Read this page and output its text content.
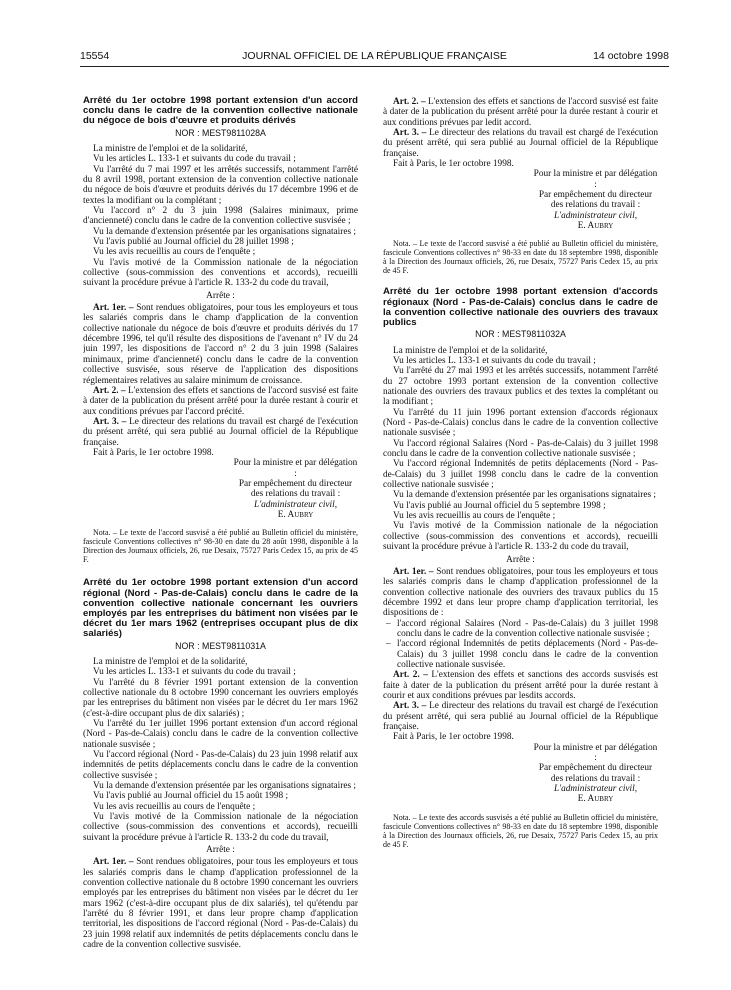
15554	JOURNAL OFFICIEL DE LA RÉPUBLIQUE FRANÇAISE	14 octobre 1998
Arrêté du 1er octobre 1998 portant extension d'un accord conclu dans le cadre de la convention collective nationale du négoce de bois d'œuvre et produits dérivés
NOR : MEST9811028A

La ministre de l'emploi et de la solidarité,

Vu les articles L. 133-1 et suivants du code du travail ;

Vu l'arrêté du 7 mai 1997 et les arrêtés successifs, notamment l'arrêté du 8 avril 1998, portant extension de la convention collective nationale du négoce de bois d'œuvre et produits dérivés du 17 décembre 1996 et de textes la modifiant ou la complétant ;

Vu l'accord n° 2 du 3 juin 1998 (Salaires minimaux, prime d'ancienneté) conclu dans le cadre de la convention collective susvisée ;

Vu la demande d'extension présentée par les organisations signataires ;

Vu l'avis publié au Journal officiel du 28 juillet 1998 ;

Vu les avis recueillis au cours de l'enquête ;

Vu l'avis motivé de la Commission nationale de la négociation collective (sous-commission des conventions et accords), recueilli suivant la procédure prévue à l'article R. 133-2 du code du travail,

Arrête :

Art. 1er. – Sont rendues obligatoires, pour tous les employeurs et tous les salariés compris dans le champ d'application de la convention collective nationale du négoce de bois d'œuvre et produits dérivés du 17 décembre 1996, tel qu'il résulte des dispositions de l'avenant n° IV du 24 juin 1997, les dispositions de l'accord n° 2 du 3 juin 1998 (Salaires minimaux, prime d'ancienneté) conclu dans le cadre de la convention collective susvisée, sous réserve de l'application des dispositions réglementaires relatives au salaire minimum de croissance.

Art. 2. – L'extension des effets et sanctions de l'accord susvisé est faite à dater de la publication du présent arrêté pour la durée restant à courir et aux conditions prévues par l'accord précité.

Art. 3. – Le directeur des relations du travail est chargé de l'exécution du présent arrêté, qui sera publié au Journal officiel de la République française.

Fait à Paris, le 1er octobre 1998.

Pour la ministre et par délégation :
Par empêchement du directeur
des relations du travail :
L'administrateur civil,
E. Aubry

Nota. – Le texte de l'accord susvisé a été publié au Bulletin officiel du ministère, fascicule Conventions collectives n° 98-30 en date du 28 août 1998, disponible à la Direction des Journaux officiels, 26, rue Desaix, 75727 Paris Cedex 15, au prix de 45 F.

Arrêté du 1er octobre 1998 portant extension d'un accord régional (Nord - Pas-de-Calais) conclu dans le cadre de la convention collective nationale concernant les ouvriers employés par les entreprises du bâtiment non visées par le décret du 1er mars 1962 (entreprises occupant plus de dix salariés)
NOR : MEST9811031A

La ministre de l'emploi et de la solidarité,

Vu les articles L. 133-1 et suivants du code du travail ;

Vu l'arrêté du 8 février 1991 portant extension de la convention collective nationale du 8 octobre 1990 concernant les ouvriers employés par les entreprises du bâtiment non visées par le décret du 1er mars 1962 (c'est-à-dire occupant plus de dix salariés) ;

Vu l'arrêté du 1er juillet 1996 portant extension d'un accord régional (Nord - Pas-de-Calais) conclu dans le cadre de la convention collective nationale susvisée ;

Vu l'accord régional (Nord - Pas-de-Calais) du 23 juin 1998 relatif aux indemnités de petits déplacements conclu dans le cadre de la convention collective susvisée ;

Vu la demande d'extension présentée par les organisations signataires ;

Vu l'avis publié au Journal officiel du 15 août 1998 ;

Vu les avis recueillis au cours de l'enquête ;

Vu l'avis motivé de la Commission nationale de la négociation collective (sous-commission des conventions et accords), recueilli suivant la procédure prévue à l'article R. 133-2 du code du travail,

Arrête :

Art. 1er. – Sont rendues obligatoires, pour tous les employeurs et tous les salariés compris dans le champ d'application professionnel de la convention collective nationale du 8 octobre 1990 concernant les ouvriers employés par les entreprises du bâtiment non visées par le décret du 1er mars 1962 (c'est-à-dire occupant plus de dix salariés), tel qu'étendu par l'arrêté du 8 février 1991, et dans leur propre champ d'application territorial, les dispositions de l'accord régional (Nord - Pas-de-Calais) du 23 juin 1998 relatif aux indemnités de petits déplacements conclu dans le cadre de la convention collective susvisée.

Art. 2. – L'extension des effets et sanctions de l'accord susvisé est faite à dater de la publication du présent arrêté pour la durée restant à courir et aux conditions prévues par ledit accord.

Art. 3. – Le directeur des relations du travail est chargé de l'exécution du présent arrêté, qui sera publié au Journal officiel de la République française.

Fait à Paris, le 1er octobre 1998.

Pour la ministre et par délégation :
Par empêchement du directeur
des relations du travail :
L'administrateur civil,
E. Aubry

Nota. – Le texte de l'accord susvisé a été publié au Bulletin officiel du ministère, fascicule Conventions collectives n° 98-33 en date du 18 septembre 1998, disponible à la Direction des Journaux officiels, 26, rue Desaix, 75727 Paris Cedex 15, au prix de 45 F.

Arrêté du 1er octobre 1998 portant extension d'accords régionaux (Nord - Pas-de-Calais) conclus dans le cadre de la convention collective nationale des ouvriers des travaux publics
NOR : MEST9811032A

La ministre de l'emploi et de la solidarité,

Vu les articles L. 133-1 et suivants du code du travail ;

Vu l'arrêté du 27 mai 1993 et les arrêtés successifs, notamment l'arrêté du 27 octobre 1993 portant extension de la convention collective nationale des ouvriers des travaux publics et des textes la complétant ou la modifiant ;

Vu l'arrêté du 11 juin 1996 portant extension d'accords régionaux (Nord - Pas-de-Calais) conclus dans le cadre de la convention collective nationale susvisée ;

Vu l'accord régional Salaires (Nord - Pas-de-Calais) du 3 juillet 1998 conclu dans le cadre de la convention collective nationale susvisée ;

Vu l'accord régional Indemnités de petits déplacements (Nord - Pas-de-Calais) du 3 juillet 1998 conclu dans le cadre de la convention collective nationale susvisée ;

Vu la demande d'extension présentée par les organisations signataires ;

Vu l'avis publié au Journal officiel du 5 septembre 1998 ;

Vu les avis recueillis au cours de l'enquête ;

Vu l'avis motivé de la Commission nationale de la négociation collective (sous-commission des conventions et accords), recueilli suivant la procédure prévue à l'article R. 133-2 du code du travail,

Arrête :

Art. 1er. – Sont rendues obligatoires, pour tous les employeurs et tous les salariés compris dans le champ d'application professionnel de la convention collective nationale des ouvriers des travaux publics du 15 décembre 1992 et dans leur propre champ d'application territorial, les dispositions de :

– l'accord régional Salaires (Nord - Pas-de-Calais) du 3 juillet 1998 conclu dans le cadre de la convention collective nationale susvisée ;
– l'accord régional Indemnités de petits déplacements (Nord - Pas-de-Calais) du 3 juillet 1998 conclu dans le cadre de la convention collective nationale susvisée.

Art. 2. – L'extension des effets et sanctions des accords susvisés est faite à dater de la publication du présent arrêté pour la durée restant à courir et aux conditions prévues par lesdits accords.

Art. 3. – Le directeur des relations du travail est chargé de l'exécution du présent arrêté, qui sera publié au Journal officiel de la République française.

Fait à Paris, le 1er octobre 1998.

Pour la ministre et par délégation :
Par empêchement du directeur
des relations du travail :
L'administrateur civil,
E. Aubry

Nota. – Le texte des accords susvisés a été publié au Bulletin officiel du ministère, fascicule Conventions collectives n° 98-33 en date du 18 septembre 1998, disponible à la Direction des Journaux officiels, 26, rue Desaix, 75727 Paris Cedex 15, au prix de 45 F.
